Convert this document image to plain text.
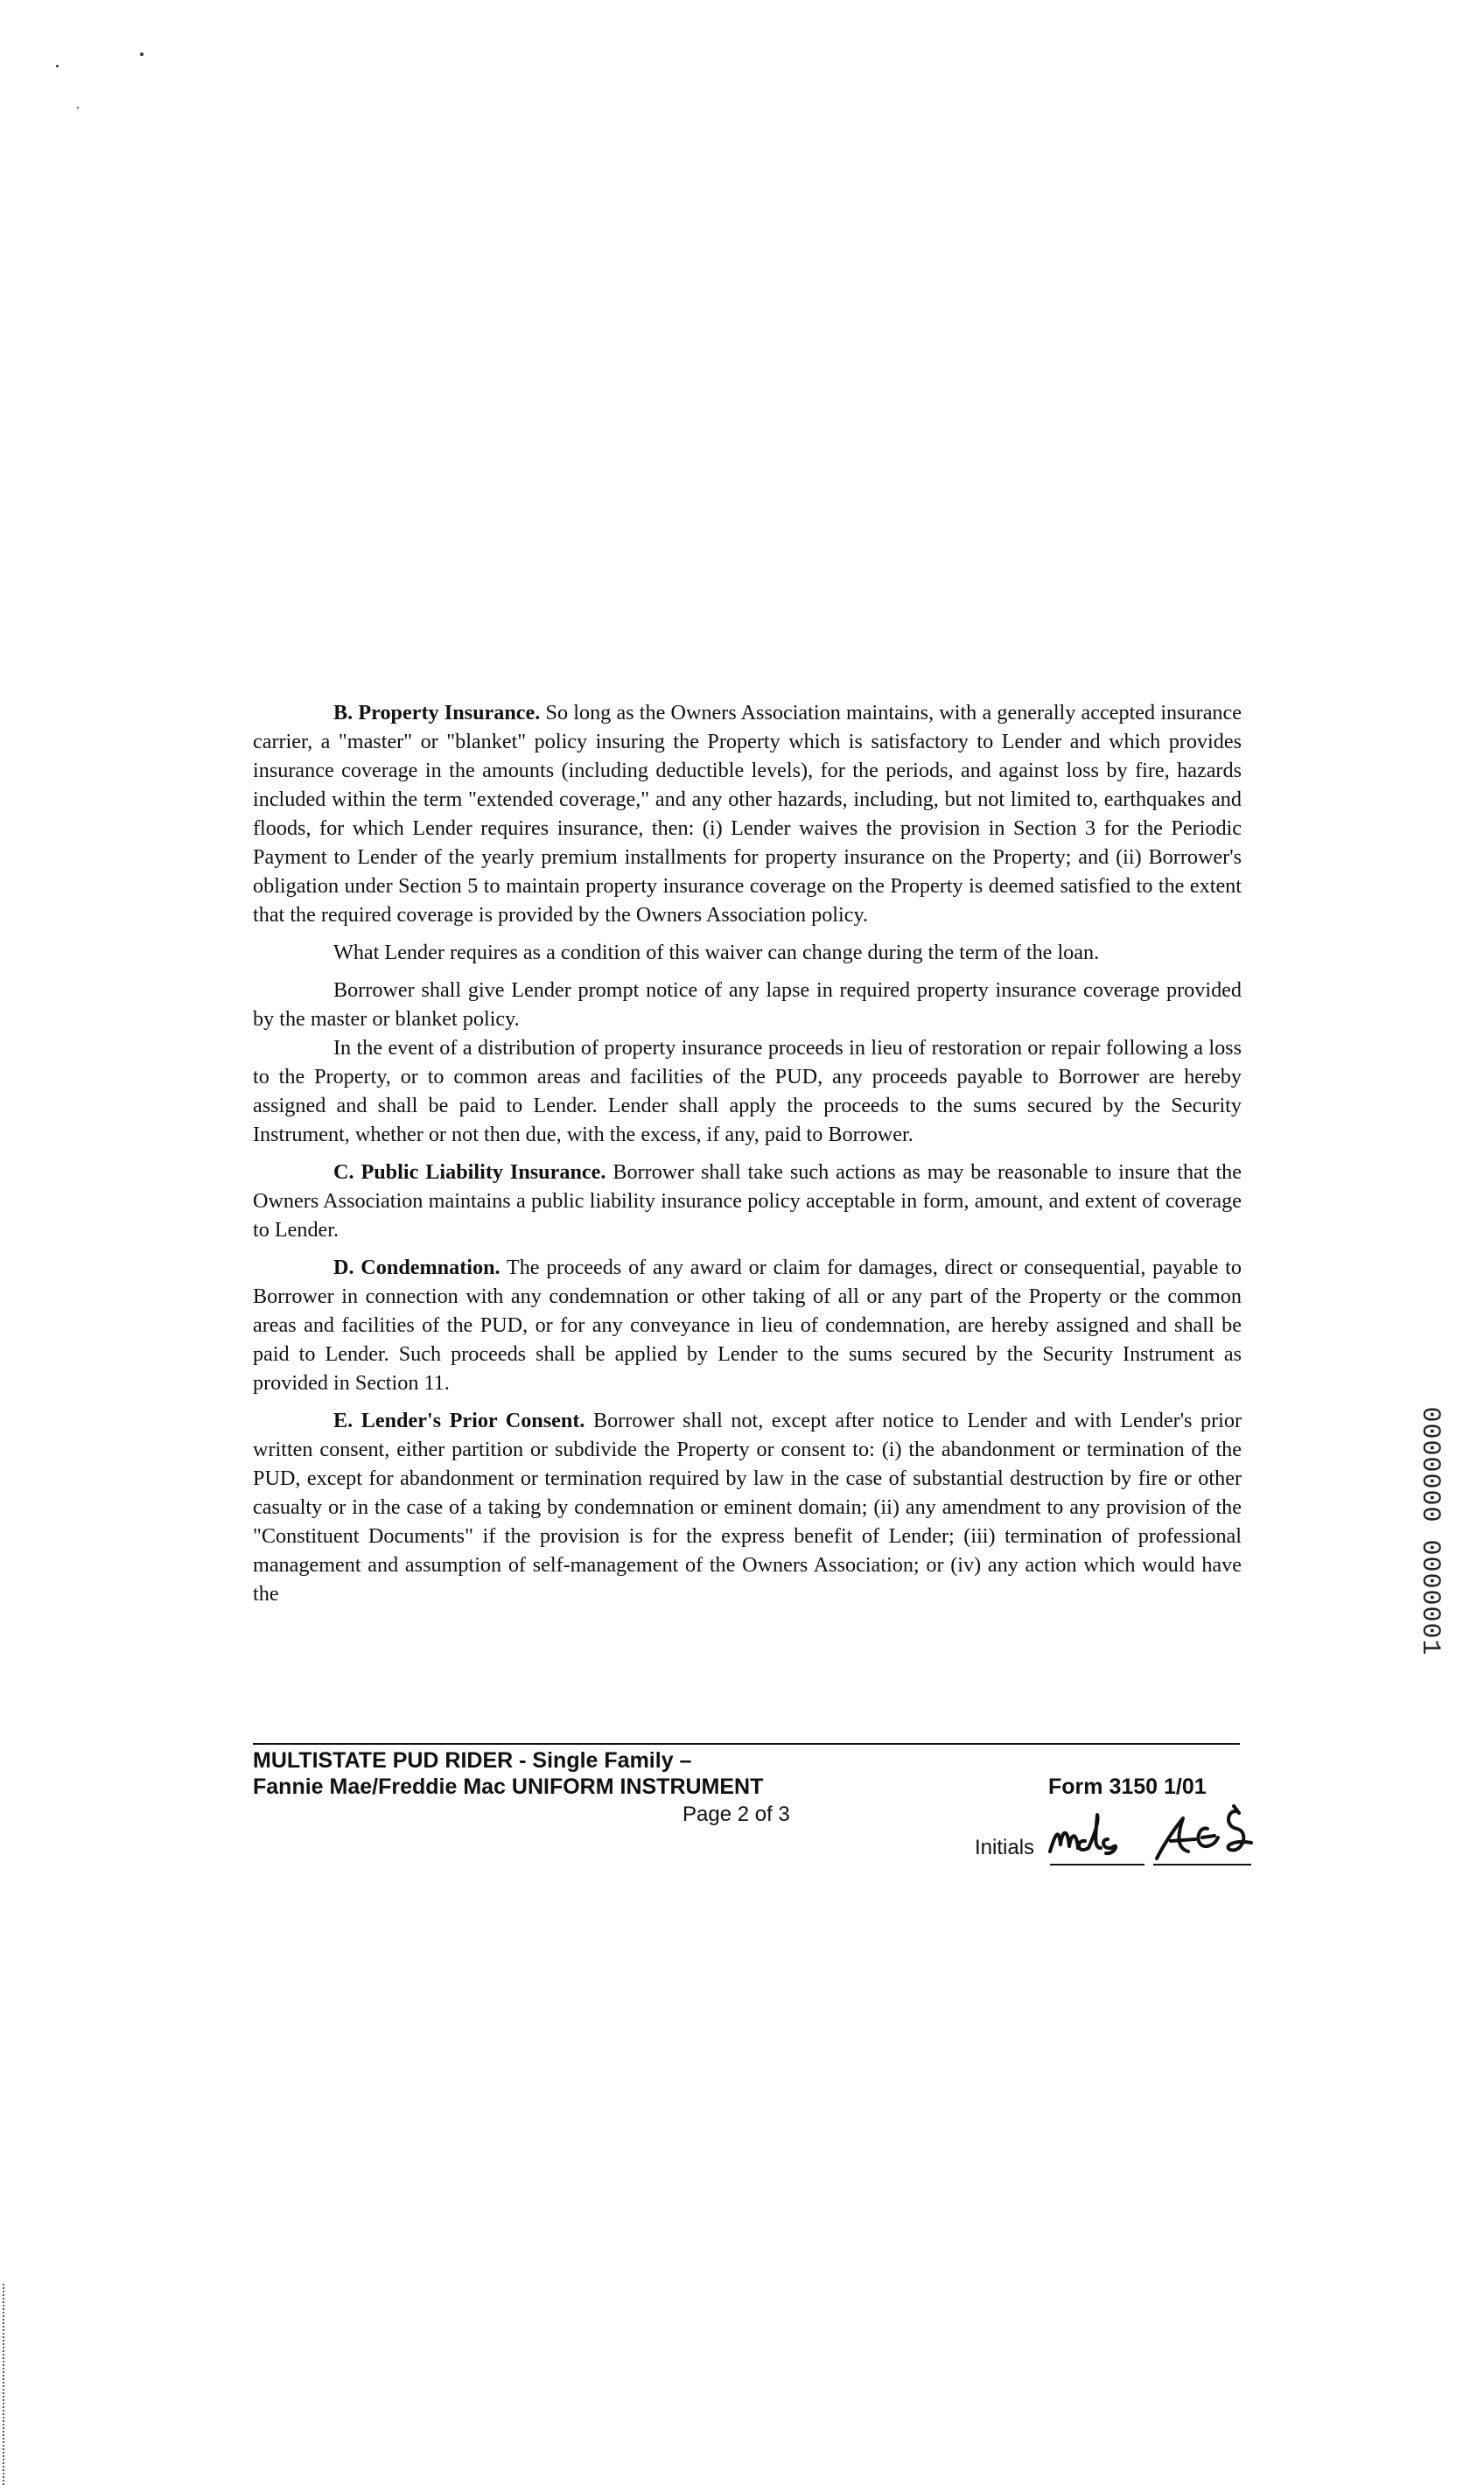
B. Property Insurance. So long as the Owners Association maintains, with a generally accepted insurance carrier, a "master" or "blanket" policy insuring the Property which is satisfactory to Lender and which provides insurance coverage in the amounts (including deductible levels), for the periods, and against loss by fire, hazards included within the term "extended coverage," and any other hazards, including, but not limited to, earthquakes and floods, for which Lender requires insurance, then: (i) Lender waives the provision in Section 3 for the Periodic Payment to Lender of the yearly premium installments for property insurance on the Property; and (ii) Borrower's obligation under Section 5 to maintain property insurance coverage on the Property is deemed satisfied to the extent that the required coverage is provided by the Owners Association policy.

What Lender requires as a condition of this waiver can change during the term of the loan.

Borrower shall give Lender prompt notice of any lapse in required property insurance coverage provided by the master or blanket policy.

In the event of a distribution of property insurance proceeds in lieu of restoration or repair following a loss to the Property, or to common areas and facilities of the PUD, any proceeds payable to Borrower are hereby assigned and shall be paid to Lender. Lender shall apply the proceeds to the sums secured by the Security Instrument, whether or not then due, with the excess, if any, paid to Borrower.

C. Public Liability Insurance. Borrower shall take such actions as may be reasonable to insure that the Owners Association maintains a public liability insurance policy acceptable in form, amount, and extent of coverage to Lender.

D. Condemnation. The proceeds of any award or claim for damages, direct or consequential, payable to Borrower in connection with any condemnation or other taking of all or any part of the Property or the common areas and facilities of the PUD, or for any conveyance in lieu of condemnation, are hereby assigned and shall be paid to Lender. Such proceeds shall be applied by Lender to the sums secured by the Security Instrument as provided in Section 11.

E. Lender's Prior Consent. Borrower shall not, except after notice to Lender and with Lender's prior written consent, either partition or subdivide the Property or consent to: (i) the abandonment or termination of the PUD, except for abandonment or termination required by law in the case of substantial destruction by fire or other casualty or in the case of a taking by condemnation or eminent domain; (ii) any amendment to any provision of the "Constituent Documents" if the provision is for the express benefit of Lender; (iii) termination of professional management and assumption of self-management of the Owners Association; or (iv) any action which would have the	0000000 0000001
MULTISTATE PUD RIDER - Single Family –
Fannie Mae/Freddie Mac UNIFORM INSTRUMENT
Page 2 of 3
Form 3150 1/01
Initials
